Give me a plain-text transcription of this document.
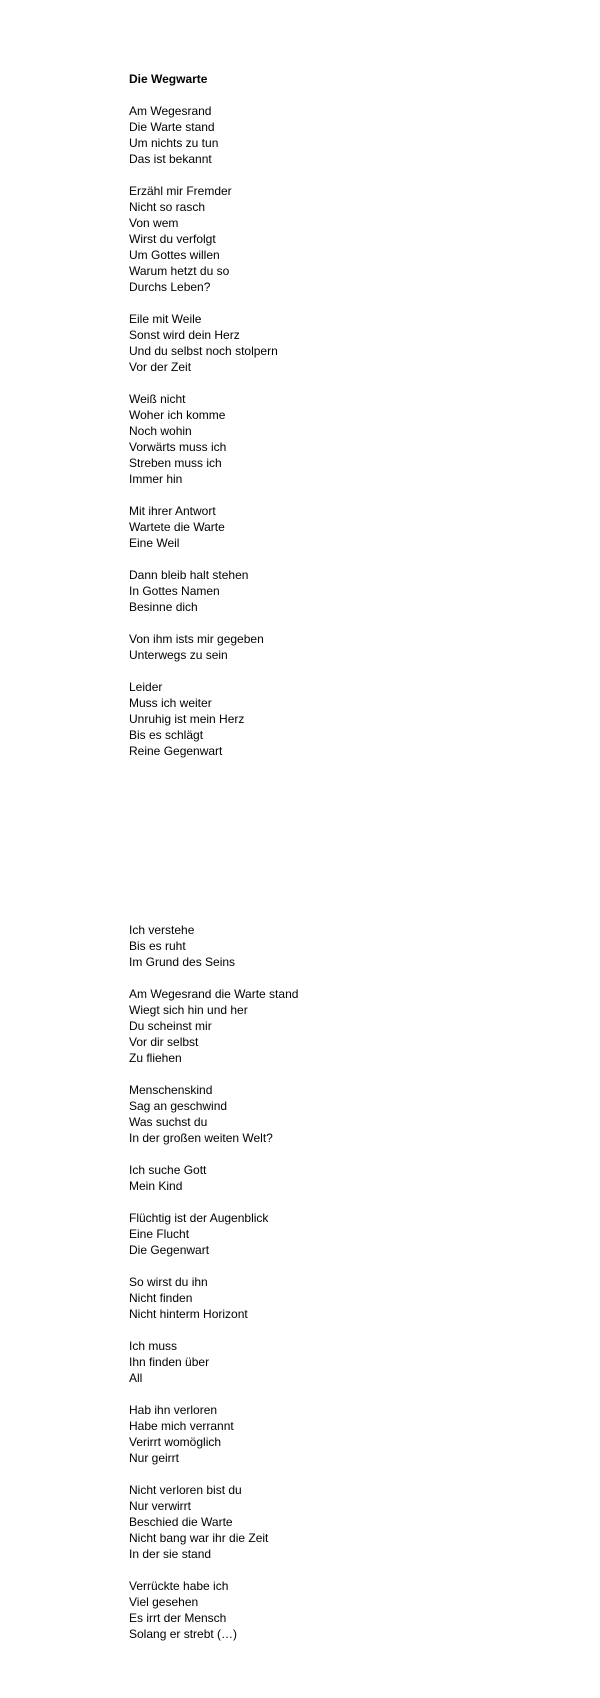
Die Wegwarte
Am Wegesrand
Die Warte stand
Um nichts zu tun
Das ist bekannt
Erzähl mir Fremder
Nicht so rasch
Von wem
Wirst du verfolgt
Um Gottes willen
Warum hetzt du so
Durchs Leben?
Eile mit Weile
Sonst wird dein Herz
Und du selbst noch stolpern
Vor der Zeit
Weiß nicht
Woher ich komme
Noch wohin
Vorwärts muss ich
Streben muss ich
Immer hin
Mit ihrer Antwort
Wartete die Warte
Eine Weil
Dann bleib halt stehen
In Gottes Namen
Besinne dich
Von ihm ists mir gegeben
Unterwegs zu sein
Leider
Muss ich weiter
Unruhig ist mein Herz
Bis es schlägt
Reine Gegenwart
Ich verstehe
Bis es ruht
Im Grund des Seins
Am Wegesrand die Warte stand
Wiegt sich hin und her
Du scheinst mir
Vor dir selbst
Zu fliehen
Menschenskind
Sag an geschwind
Was suchst du
In der großen weiten Welt?
Ich suche Gott
Mein Kind
Flüchtig ist der Augenblick
Eine Flucht
Die Gegenwart
So wirst du ihn
Nicht finden
Nicht hinterm Horizont
Ich muss
Ihn finden über
All
Hab ihn verloren
Habe mich verrannt
Verirrt womöglich
Nur geirrt
Nicht verloren bist du
Nur verwirrt
Beschied die Warte
Nicht bang war ihr die Zeit
In der sie stand
Verrückte habe ich
Viel gesehen
Es irrt der Mensch
Solang er strebt (…)
